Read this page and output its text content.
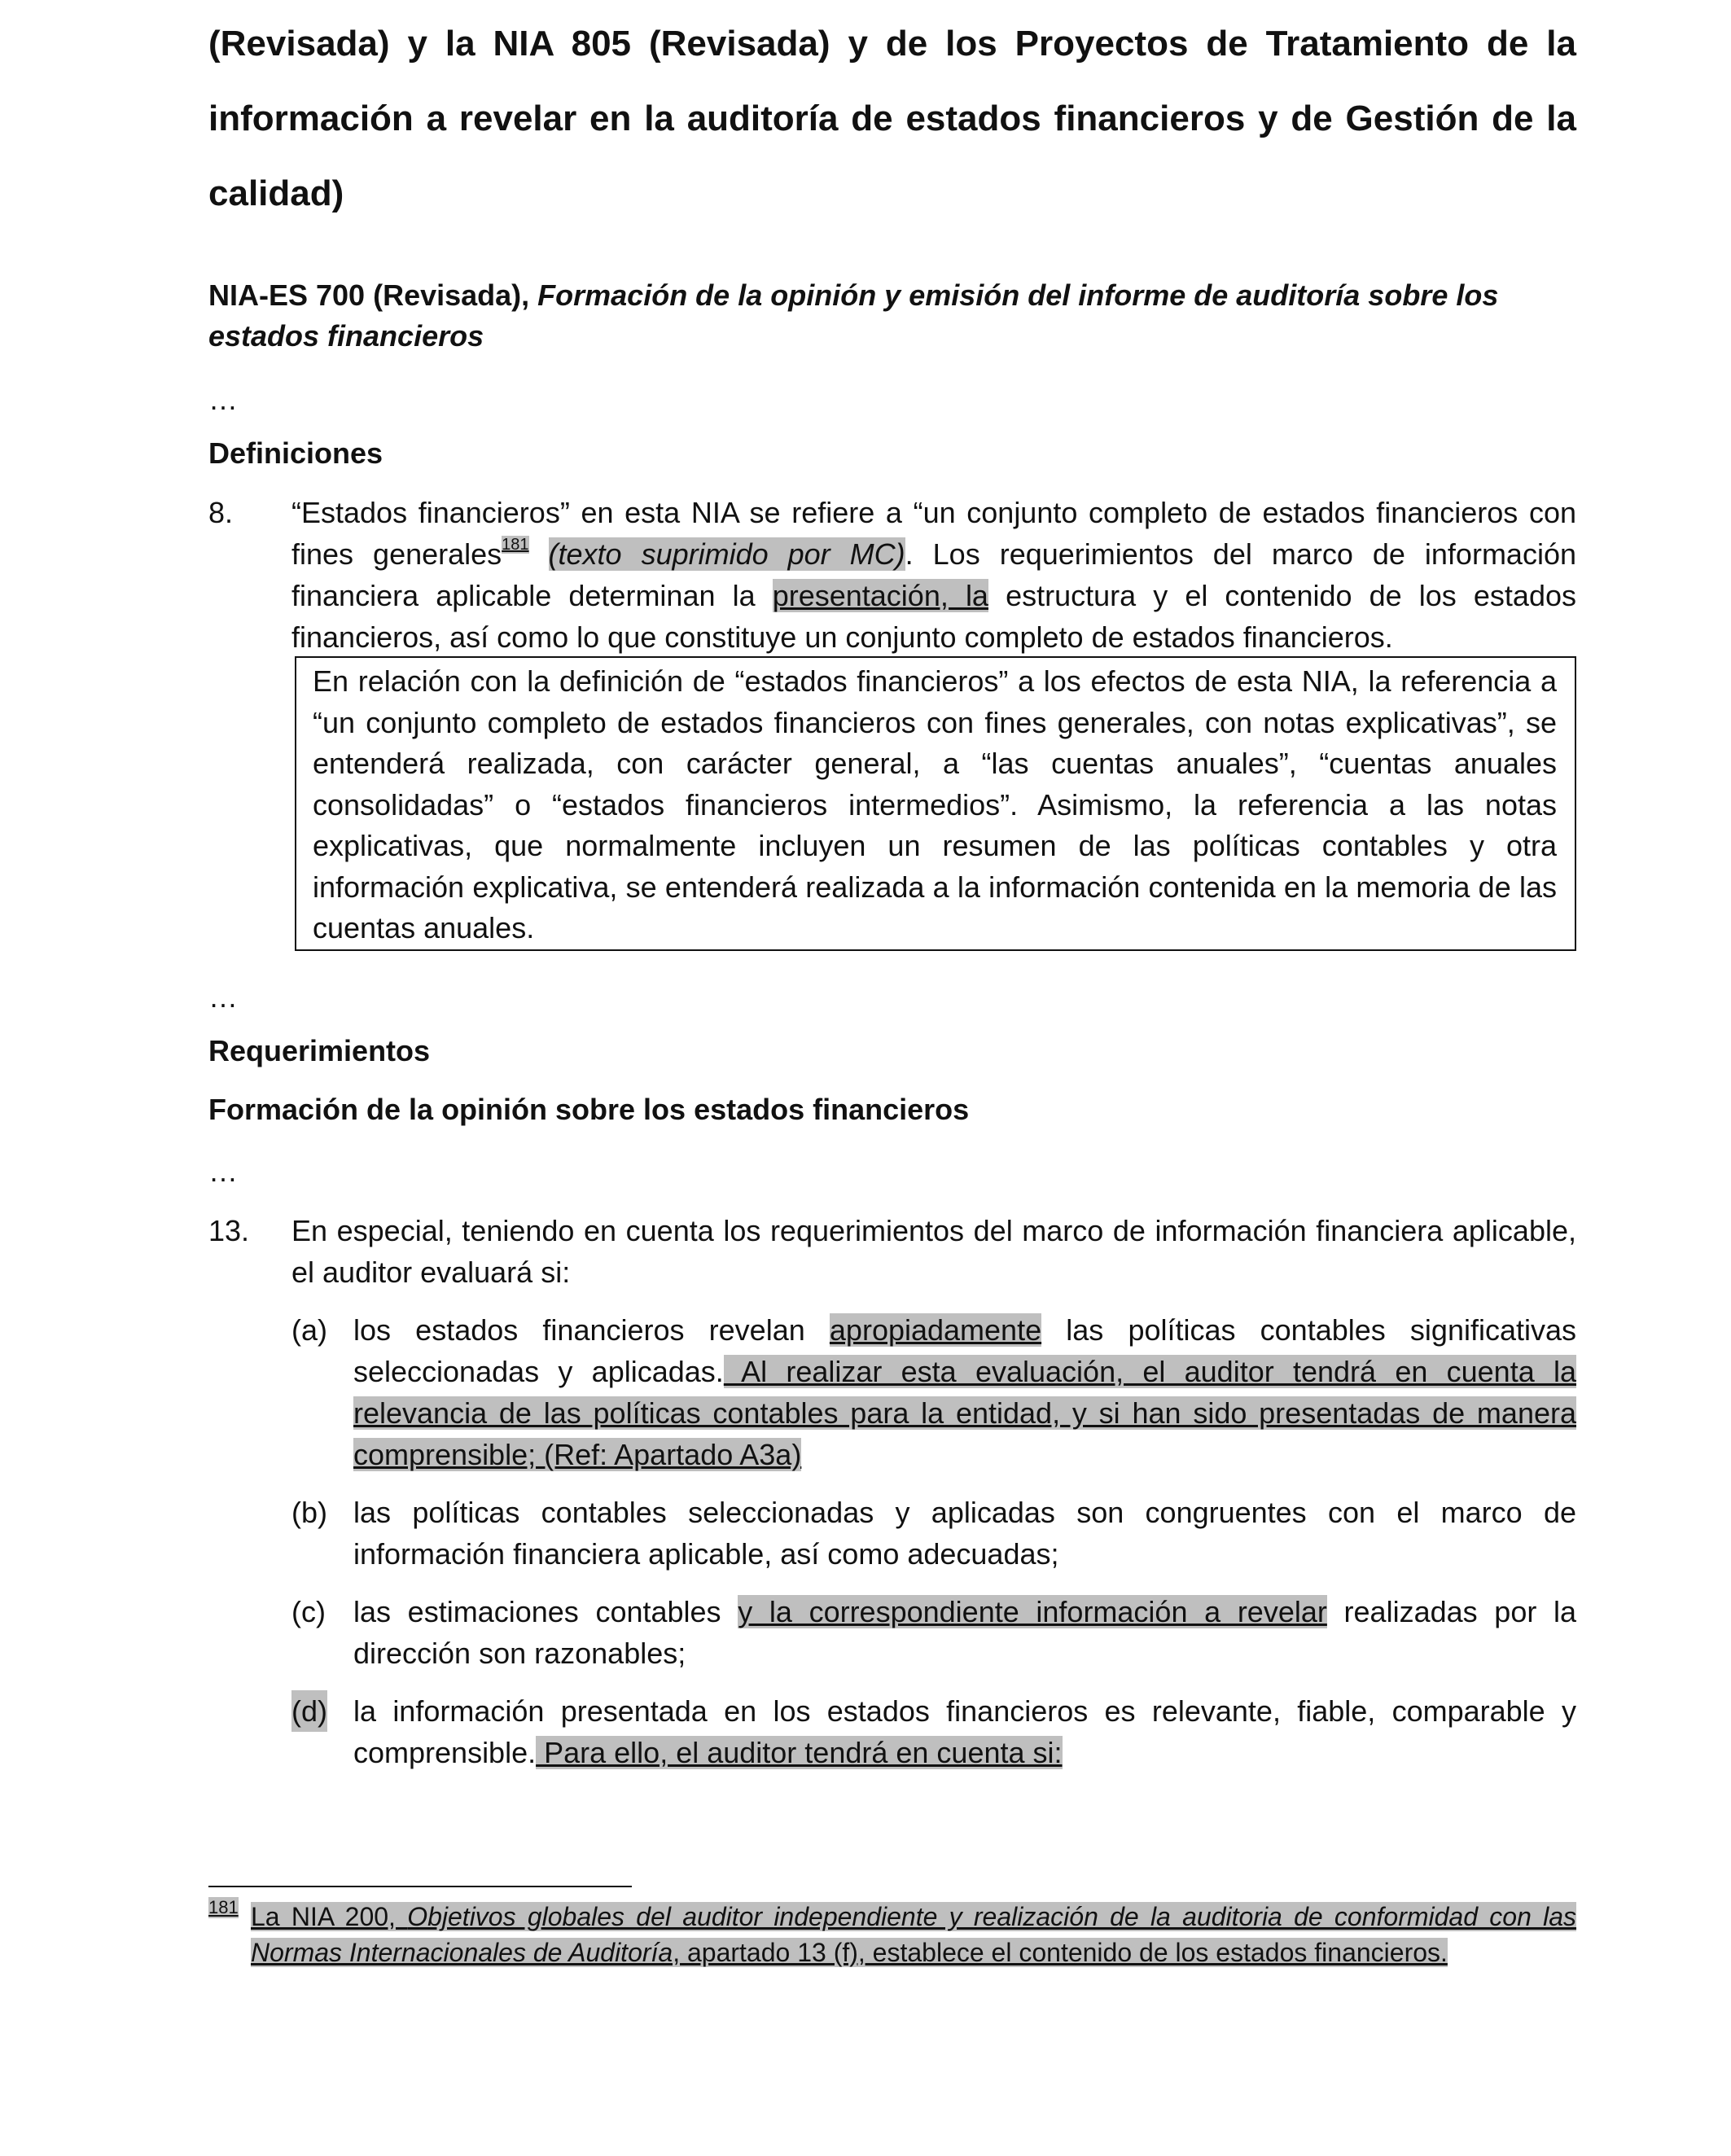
(Revisada) y la NIA 805 (Revisada) y de los Proyectos de Tratamiento de la

información a revelar en la auditoría de estados financieros y de Gestión de la

calidad)

NIA-ES 700 (Revisada), Formación de la opinión y emisión del informe de auditoría sobre los estados financieros

…

Definiciones

8. “Estados financieros” en esta NIA se refiere a “un conjunto completo de estados financieros con fines generales$^{181}$ (texto suprimido por MC). Los requerimientos del marco de información financiera aplicable determinan la presentación, la estructura y el contenido de los estados financieros, así como lo que constituye un conjunto completo de estados financieros.

En relación con la definición de “estados financieros” a los efectos de esta NIA, la referencia a “un conjunto completo de estados financieros con fines generales, con notas explicativas”, se entenderá realizada, con carácter general, a “las cuentas anuales”, “cuentas anuales consolidadas” o “estados financieros intermedios”. Asimismo, la referencia a las notas explicativas, que normalmente incluyen un resumen de las políticas contables y otra información explicativa, se entenderá realizada a la información contenida en la memoria de las cuentas anuales.

…

Requerimientos

Formación de la opinión sobre los estados financieros

…
13. En especial, teniendo en cuenta los requerimientos del marco de información financiera aplicable, el auditor evaluará si:

(a) los estados financieros revelan apropiadamente las políticas contables significativas seleccionadas y aplicadas. Al realizar esta evaluación, el auditor tendrá en cuenta la relevancia de las políticas contables para la entidad, y si han sido presentadas de manera comprensible; (Ref: Apartado A3a)

(b) las políticas contables seleccionadas y aplicadas son congruentes con el marco de información financiera aplicable, así como adecuadas;

(c) las estimaciones contables y la correspondiente información a revelar realizadas por la dirección son razonables;

(d) la información presentada en los estados financieros es relevante, fiable, comparable y comprensible. Para ello, el auditor tendrá en cuenta si:

181 La NIA 200, Objetivos globales del auditor independiente y realización de la auditoria de conformidad con las Normas Internacionales de Auditoría, apartado 13 (f), establece el contenido de los estados financieros.
